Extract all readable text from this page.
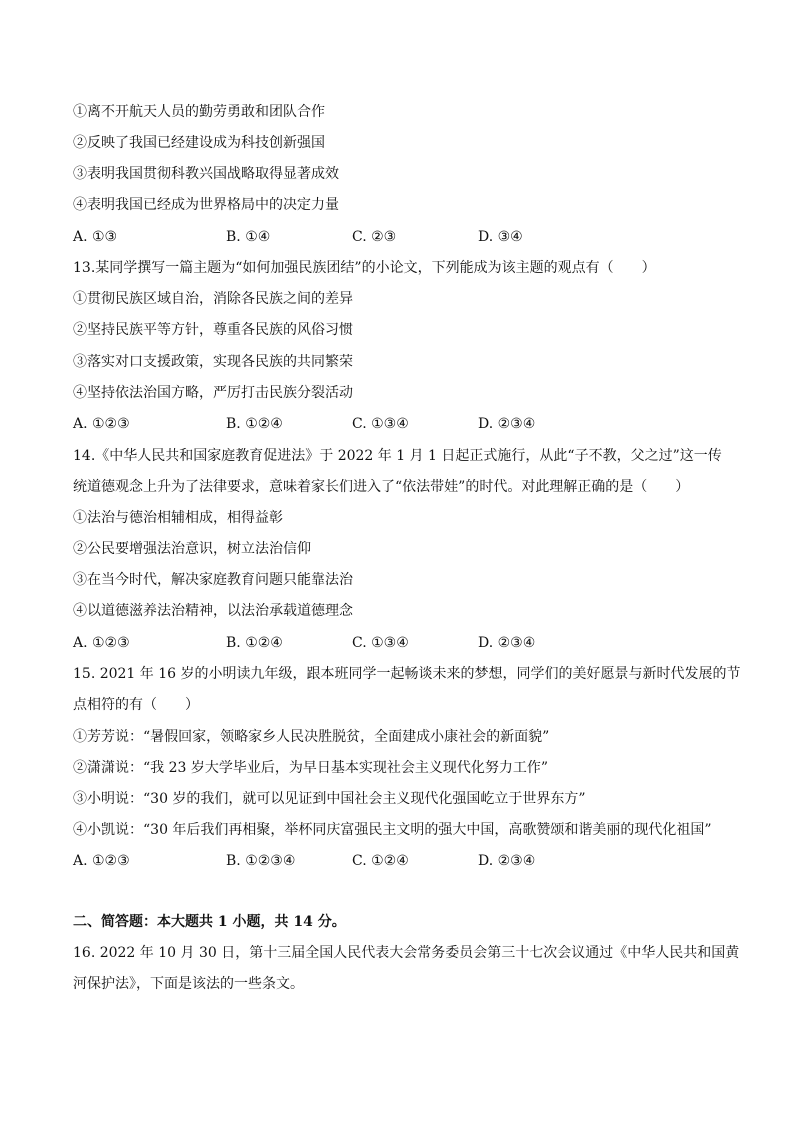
①离不开航天人员的勤劳勇敢和团队合作
②反映了我国已经建设成为科技创新强国
③表明我国贯彻科教兴国战略取得显著成效
④表明我国已经成为世界格局中的决定力量
A. ①③	B. ①④	C. ②③	D. ③④
13.某同学撰写一篇主题为“如何加强民族团结”的小论文，下列能成为该主题的观点有（　　）
①贯彻民族区域自治，消除各民族之间的差异
②坚持民族平等方针，尊重各民族的风俗习惯
③落实对口支援政策，实现各民族的共同繁荣
④坚持依法治国方略，严厉打击民族分裂活动
A. ①②③	B. ①②④	C. ①③④	D. ②③④
14.《中华人民共和国家庭教育促进法》于 2022 年 1 月 1 日起正式施行，从此“子不教，父之过”这一传
统道德观念上升为了法律要求，意味着家长们进入了“依法带娃”的时代。对此理解正确的是（　　）
①法治与德治相辅相成，相得益彰
②公民要增强法治意识，树立法治信仰
③在当今时代，解决家庭教育问题只能靠法治
④以道德滋养法治精神，以法治承载道德理念
A. ①②③	B. ①②④	C. ①③④	D. ②③④
15. 2021 年 16 岁的小明读九年级，跟本班同学一起畅谈未来的梦想，同学们的美好愿景与新时代发展的节
点相符的有（　　）
①芳芳说：“暑假回家，领略家乡人民决胜脱贫，全面建成小康社会的新面貌”
②潇潇说：“我 23 岁大学毕业后，为早日基本实现社会主义现代化努力工作”
③小明说：“30 岁的我们，就可以见证到中国社会主义现代化强国屹立于世界东方”
④小凯说：“30 年后我们再相聚，举杯同庆富强民主文明的强大中国，高歌赞颂和谐美丽的现代化祖国”
A. ①②③	B. ①②③④	C. ①②④	D. ②③④
二、简答题：本大题共 1 小题，共 14 分。
16. 2022 年 10 月 30 日，第十三届全国人民代表大会常务委员会第三十七次会议通过《中华人民共和国黄
河保护法》，下面是该法的一些条文。
